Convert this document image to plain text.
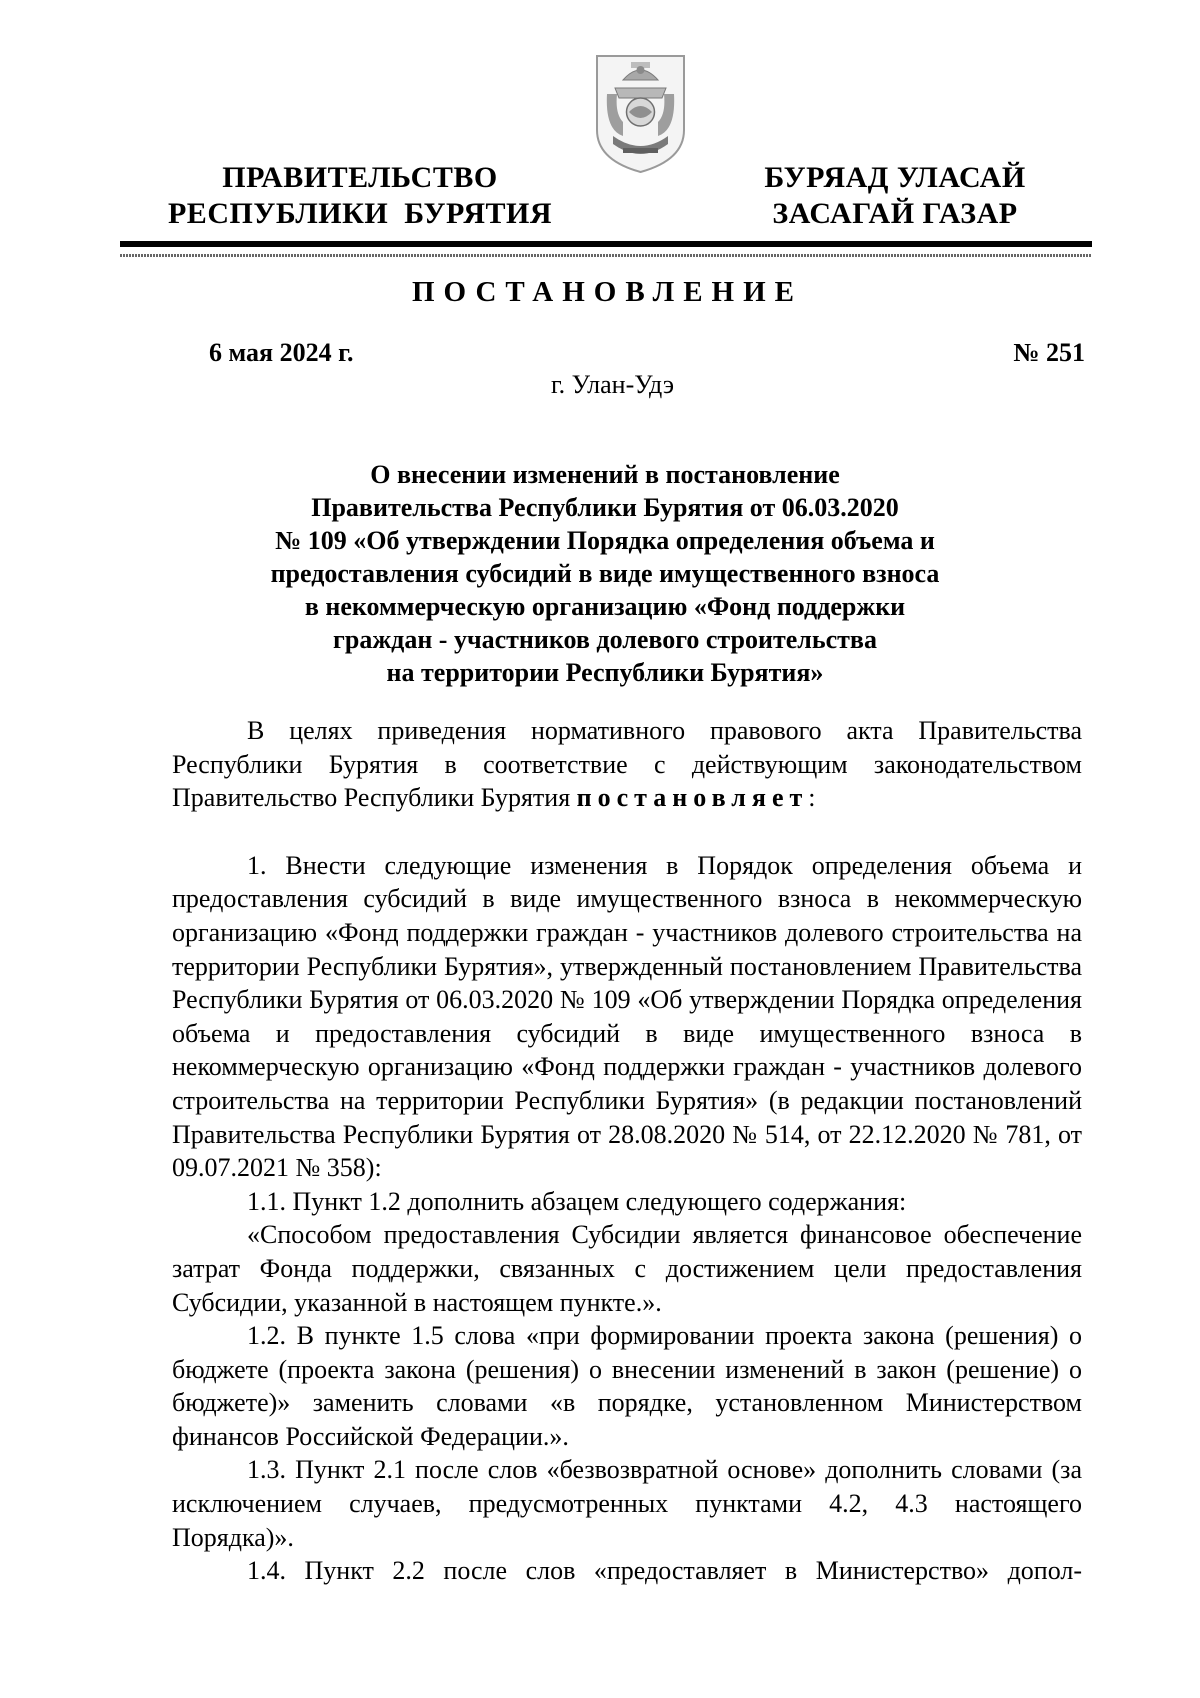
ПРАВИТЕЛЬСТВО
РЕСПУБЛИКИ  БУРЯТИЯ
БУРЯАД УЛАСАЙ
ЗАСАГАЙ ГАЗАР
ПОСТАНОВЛЕНИЕ
6 мая 2024 г.	№ 251
г. Улан-Удэ
О внесении изменений в постановление
Правительства Республики Бурятия от 06.03.2020
№ 109 «Об утверждении Порядка определения объема и
предоставления субсидий в виде имущественного взноса
в некоммерческую организацию «Фонд поддержки
граждан - участников долевого строительства
на территории Республики Бурятия»

В целях приведения нормативного правового акта Правительства Республики Бурятия в соответствие с действующим законодательством Правительство Республики Бурятия постановляет:

1. Внести следующие изменения в Порядок определения объема и предоставления субсидий в виде имущественного взноса в некоммерческую организацию «Фонд поддержки граждан - участников долевого строительства на территории Республики Бурятия», утвержденный постановлением Правительства Республики Бурятия от 06.03.2020 № 109 «Об утверждении Порядка определения объема и предоставления субсидий в виде имущественного взноса в некоммерческую организацию «Фонд поддержки граждан - участников долевого строительства на территории Республики Бурятия» (в редакции постановлений Правительства Республики Бурятия от 28.08.2020 № 514, от 22.12.2020 № 781, от 09.07.2021 № 358):

1.1. Пункт 1.2 дополнить абзацем следующего содержания:

«Способом предоставления Субсидии является финансовое обеспечение затрат Фонда поддержки, связанных с достижением цели предоставления Субсидии, указанной в настоящем пункте.».

1.2. В пункте 1.5 слова «при формировании проекта закона (решения) о бюджете (проекта закона (решения) о внесении изменений в закон (решение) о бюджете)» заменить словами «в порядке, установленном Министерством финансов Российской Федерации.».

1.3. Пункт 2.1 после слов «безвозвратной основе» дополнить словами (за исключением случаев, предусмотренных пунктами 4.2, 4.3 настоящего Порядка)».

1.4. Пункт 2.2 после слов «предоставляет в Министерство» допол-
